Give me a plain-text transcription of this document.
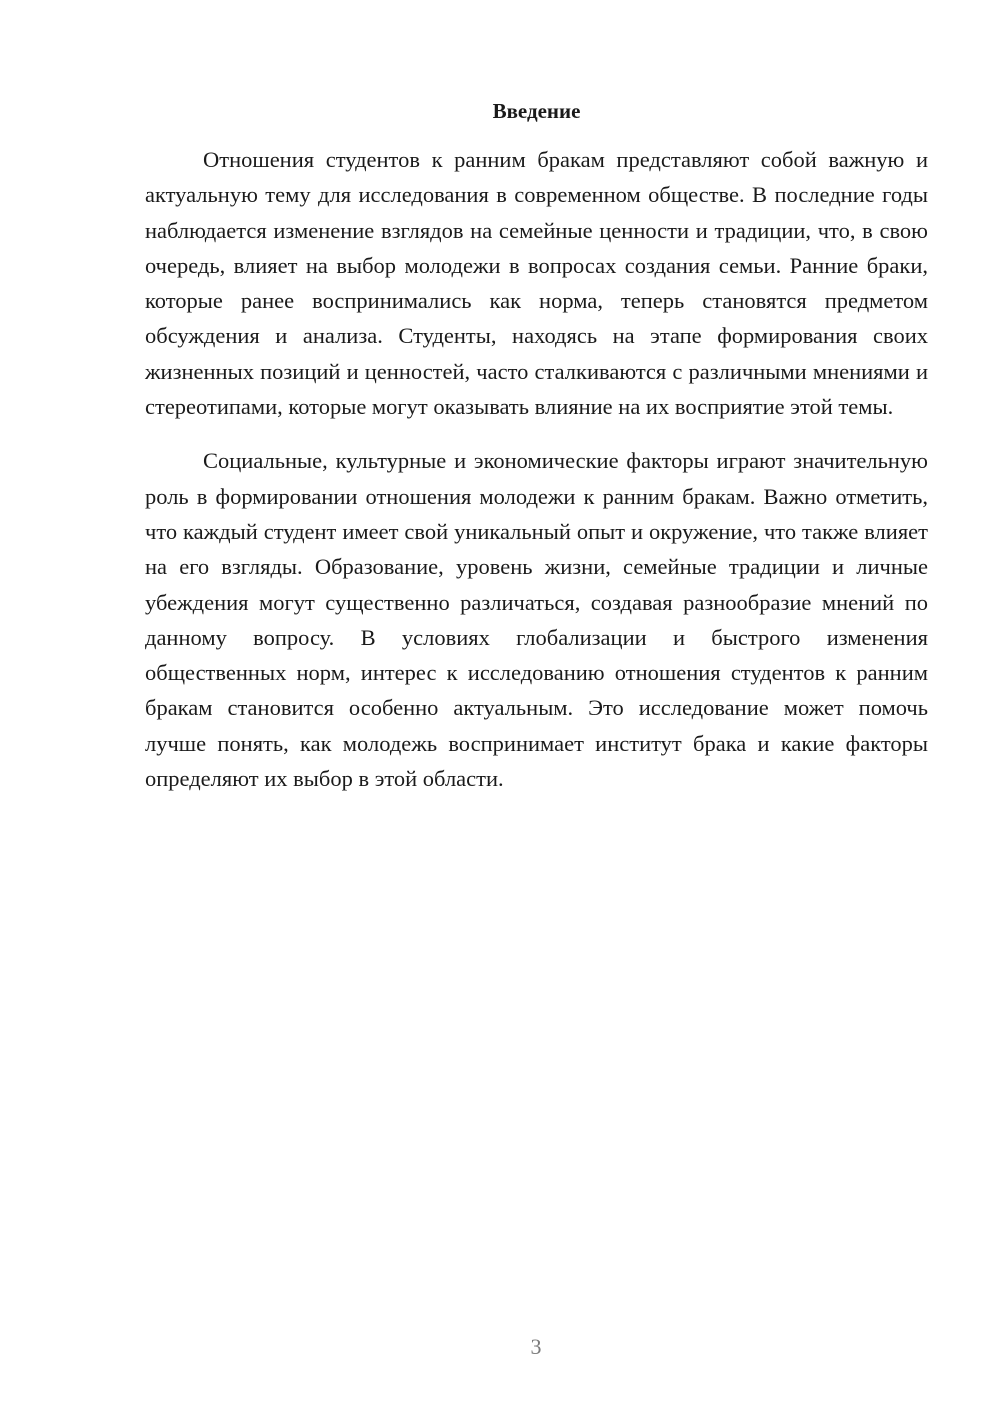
Введение

Отношения студентов к ранним бракам представляют собой важную и актуальную тему для исследования в современном обществе. В последние годы наблюдается изменение взглядов на семейные ценности и традиции, что, в свою очередь, влияет на выбор молодежи в вопросах создания семьи. Ранние браки, которые ранее воспринимались как норма, теперь становятся предметом обсуждения и анализа. Студенты, находясь на этапе формирования своих жизненных позиций и ценностей, часто сталкиваются с различными мнениями и стереотипами, которые могут оказывать влияние на их восприятие этой темы.

Социальные, культурные и экономические факторы играют значительную роль в формировании отношения молодежи к ранним бракам. Важно отметить, что каждый студент имеет свой уникальный опыт и окружение, что также влияет на его взгляды. Образование, уровень жизни, семейные традиции и личные убеждения могут существенно различаться, создавая разнообразие мнений по данному вопросу. В условиях глобализации и быстрого изменения общественных норм, интерес к исследованию отношения студентов к ранним бракам становится особенно актуальным. Это исследование может помочь лучше понять, как молодежь воспринимает институт брака и какие факторы определяют их выбор в этой области.

3
